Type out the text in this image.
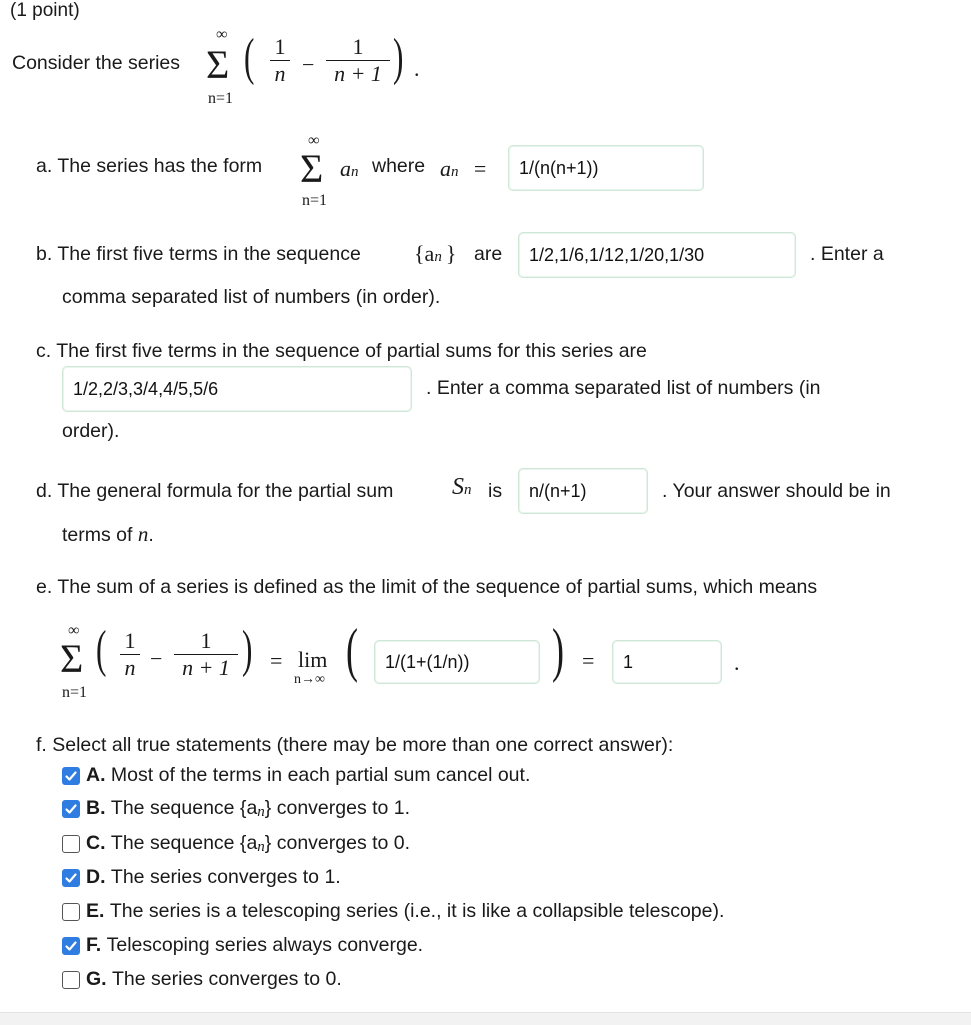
(1 point)
Consider the series
∞
Σ
n=1
( 1
n −
1
n + 1 ) .
a. The series has the form
∞
Σ
n=1
an where an =	1/(n(n+1))
b. The first five terms in the sequence {an } are	1/2,1/6,1/12,1/20,1/30	. Enter a
comma separated list of numbers (in order).
c. The first five terms in the sequence of partial sums for this series are
1/2,2/3,3/4,4/5,5/6	. Enter a comma separated list of numbers (in
order).
d. The general formula for the partial sum Sn is	n/(n+1)	. Your answer should be in
terms of n.
e. The sum of a series is defined as the limit of the sequence of partial sums, which means
∞
Σ
n=1
( 1
n −
1
n + 1 ) = lim
n→∞ (	1/(1+(1/n))	) =	1	.
f. Select all true statements (there may be more than one correct answer):
A.
Most of the terms in each partial sum cancel out.
B.
The sequence {a n } converges to 1.
C.
The sequence {a n } converges to 0.
D.
The series converges to 1.
E.
The series is a telescoping series (i.e., it is like a collapsible telescope).
F.
Telescoping series always converge.
G.
The series converges to 0.
